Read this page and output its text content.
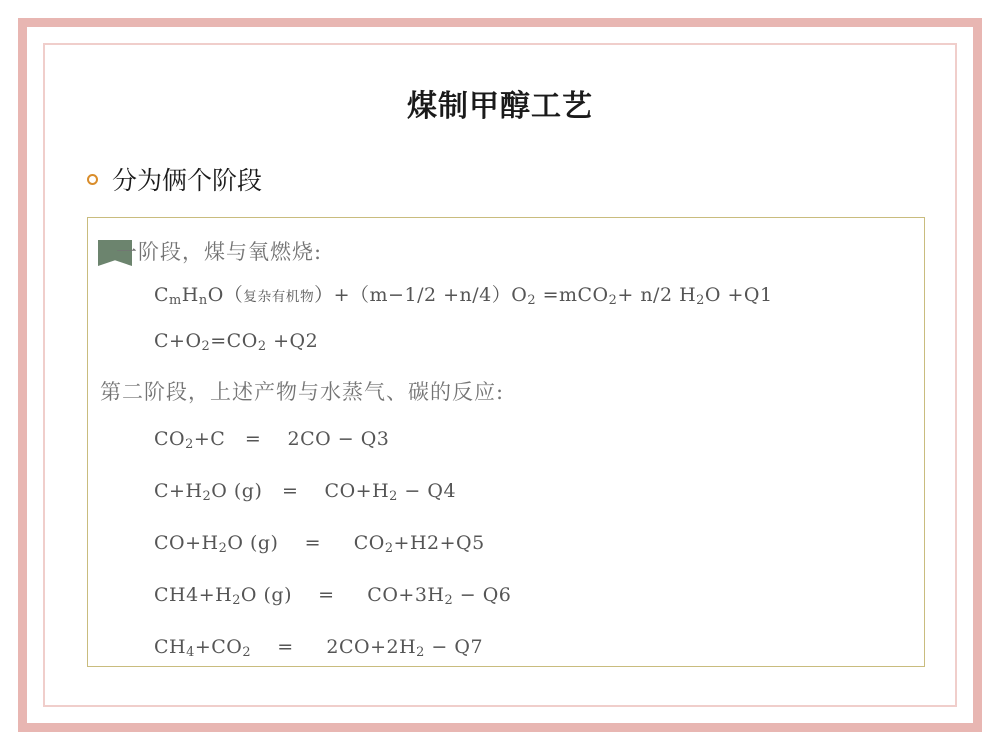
煤制甲醇工艺
分为俩个阶段
一阶段，煤与氧燃烧:
$C_mH_nO$（复杂有机物）$+(m-1/2 +n/4)O_2 =mCO_2+ n/2$ $H_2O +Q1$
$C+O_2=CO_2 +Q2$
第二阶段，上述产物与水蒸气、碳的反应:
$CO_2+C$   =    2CO − Q3
$C+H_2O$ (g)   =    $CO+H_2 - Q4$
$CO+H_2O$ (g)    =     $CO_2+H2+Q5$
$CH4+H_2O$ (g)    =     $CO+3H_2 - Q6$
$CH_4+CO_2$    =     $2CO+2H_2 - Q7$
